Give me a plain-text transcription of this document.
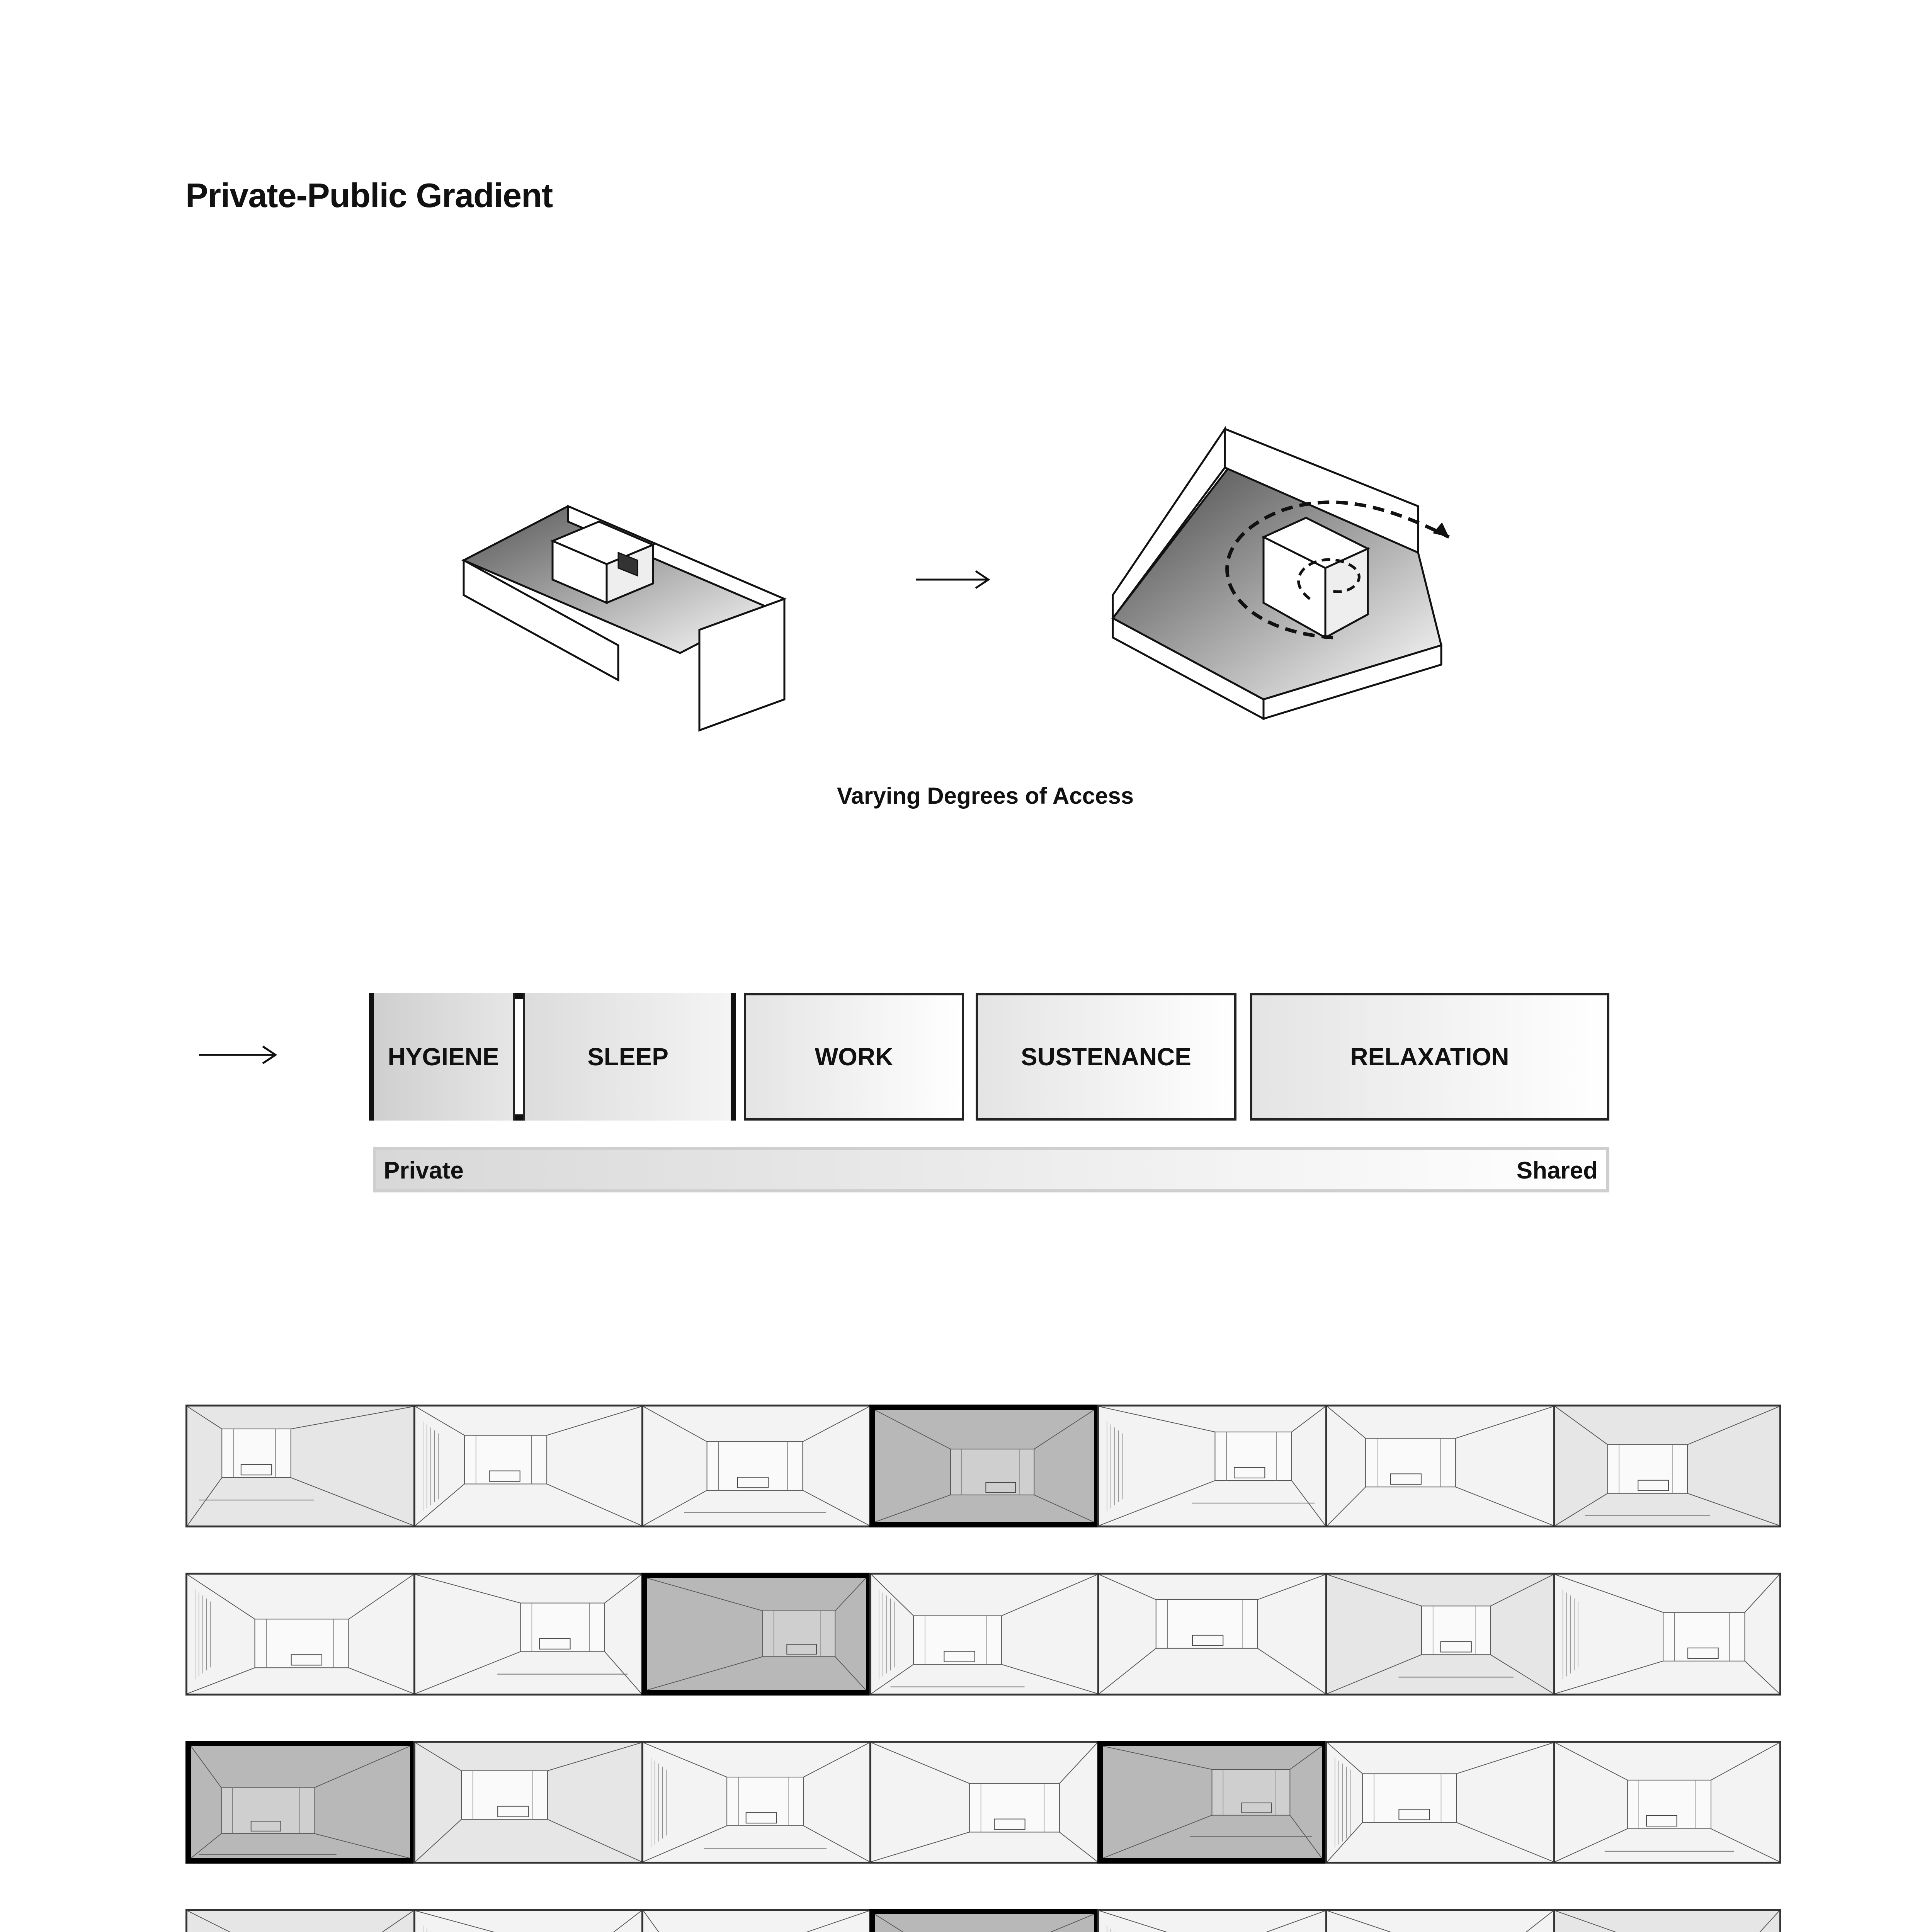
Private-Public Gradient
Varying Degrees of Access
HYGIENE	SLEEP	WORK	SUSTENANCE	RELAXATION
Private	Shared
